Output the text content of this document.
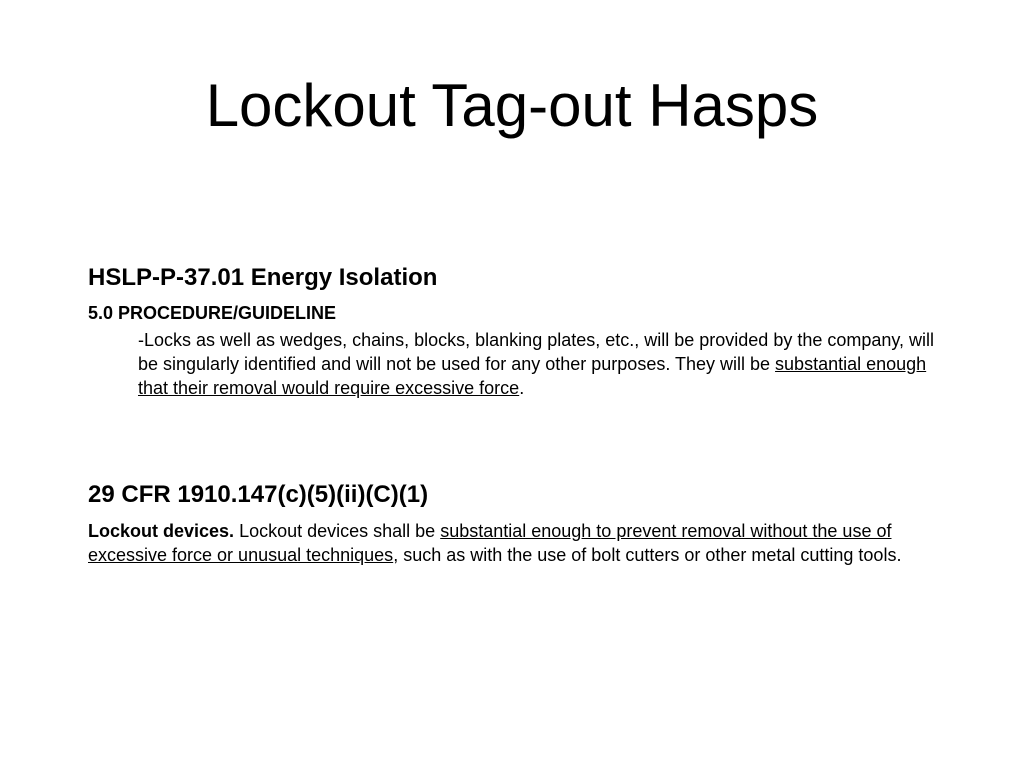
Lockout Tag-out Hasps
HSLP-P-37.01 Energy Isolation

5.0 PROCEDURE/GUIDELINE

-Locks as well as wedges, chains, blocks, blanking plates, etc., will be provided by the company, will be singularly identified and will not be used for any other purposes. They will be substantial enough that their removal would require excessive force.

29 CFR 1910.147(c)(5)(ii)(C)(1)

Lockout devices. Lockout devices shall be substantial enough to prevent removal without the use of excessive force or unusual techniques, such as with the use of bolt cutters or other metal cutting tools.
